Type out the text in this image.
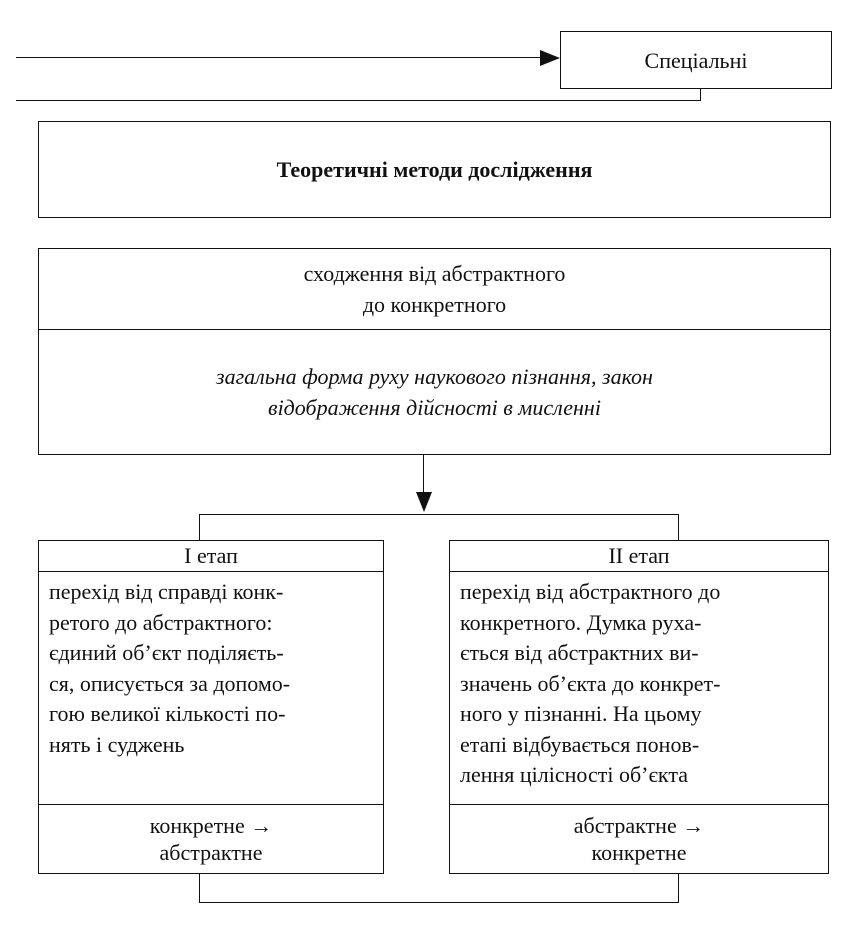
Спеціальні
Теоретичні методи дослідження
сходження від абстрактного
до конкретного
загальна форма руху наукового пізнання, закон
відображення дійсності в мисленні
І етап
перехід від справді конк-
ретого до абстрактного:
єдиний об’єкт поділяєть-
ся, описується за допомо-
гою великої кількості по-
нять і суджень
конкретне →
абстрактне
ІІ етап
перехід від абстрактного до
конкретного. Думка руха-
ється від абстрактних ви-
значень об’єкта до конкрет-
ного у пізнанні. На цьому
етапі відбувається понов-
лення цілісності об’єкта
абстрактне →
конкретне
